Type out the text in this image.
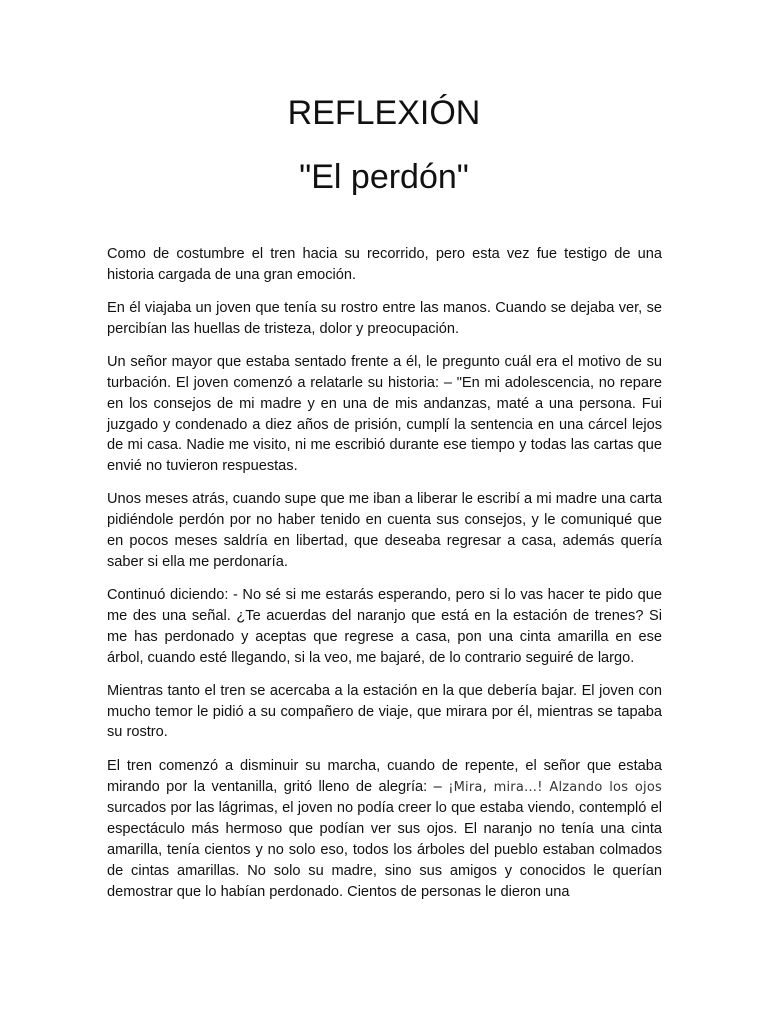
REFLEXIÓN
"El perdón"

Como de costumbre el tren hacia su recorrido, pero esta vez fue testigo de una historia cargada de una gran emoción.

En él viajaba un joven que tenía su rostro entre las manos. Cuando se dejaba ver, se percibían las huellas de tristeza, dolor y preocupación.

Un señor mayor que estaba sentado frente a él, le pregunto cuál era el motivo de su turbación. El joven comenzó a relatarle su historia: – "En mi adolescencia, no repare en los consejos de mi madre y en una de mis andanzas, maté a una persona. Fui juzgado y condenado a diez años de prisión, cumplí la sentencia en una cárcel lejos de mi casa. Nadie me visito, ni me escribió durante ese tiempo y todas las cartas que envié no tuvieron respuestas.

Unos meses atrás, cuando supe que me iban a liberar le escribí a mi madre una carta pidiéndole perdón por no haber tenido en cuenta sus consejos, y le comuniqué que en pocos meses saldría en libertad, que deseaba regresar a casa, además quería saber si ella me perdonaría.

Continuó diciendo: - No sé si me estarás esperando, pero si lo vas hacer te pido que me des una señal. ¿Te acuerdas del naranjo que está en la estación de trenes? Si me has perdonado y aceptas que regrese a casa, pon una cinta amarilla en ese árbol, cuando esté llegando, si la veo, me bajaré, de lo contrario seguiré de largo.

Mientras tanto el tren se acercaba a la estación en la que debería bajar. El joven con mucho temor le pidió a su compañero de viaje, que mirara por él, mientras se tapaba su rostro.

El tren comenzó a disminuir su marcha, cuando de repente, el señor que estaba mirando por la ventanilla, gritó lleno de alegría: – ¡Mira, mira…! Alzando los ojos surcados por las lágrimas, el joven no podía creer lo que estaba viendo, contempló el espectáculo más hermoso que podían ver sus ojos. El naranjo no tenía una cinta amarilla, tenía cientos y no solo eso, todos los árboles del pueblo estaban colmados de cintas amarillas. No solo su madre, sino sus amigos y conocidos le querían demostrar que lo habían perdonado. Cientos de personas le dieron una
